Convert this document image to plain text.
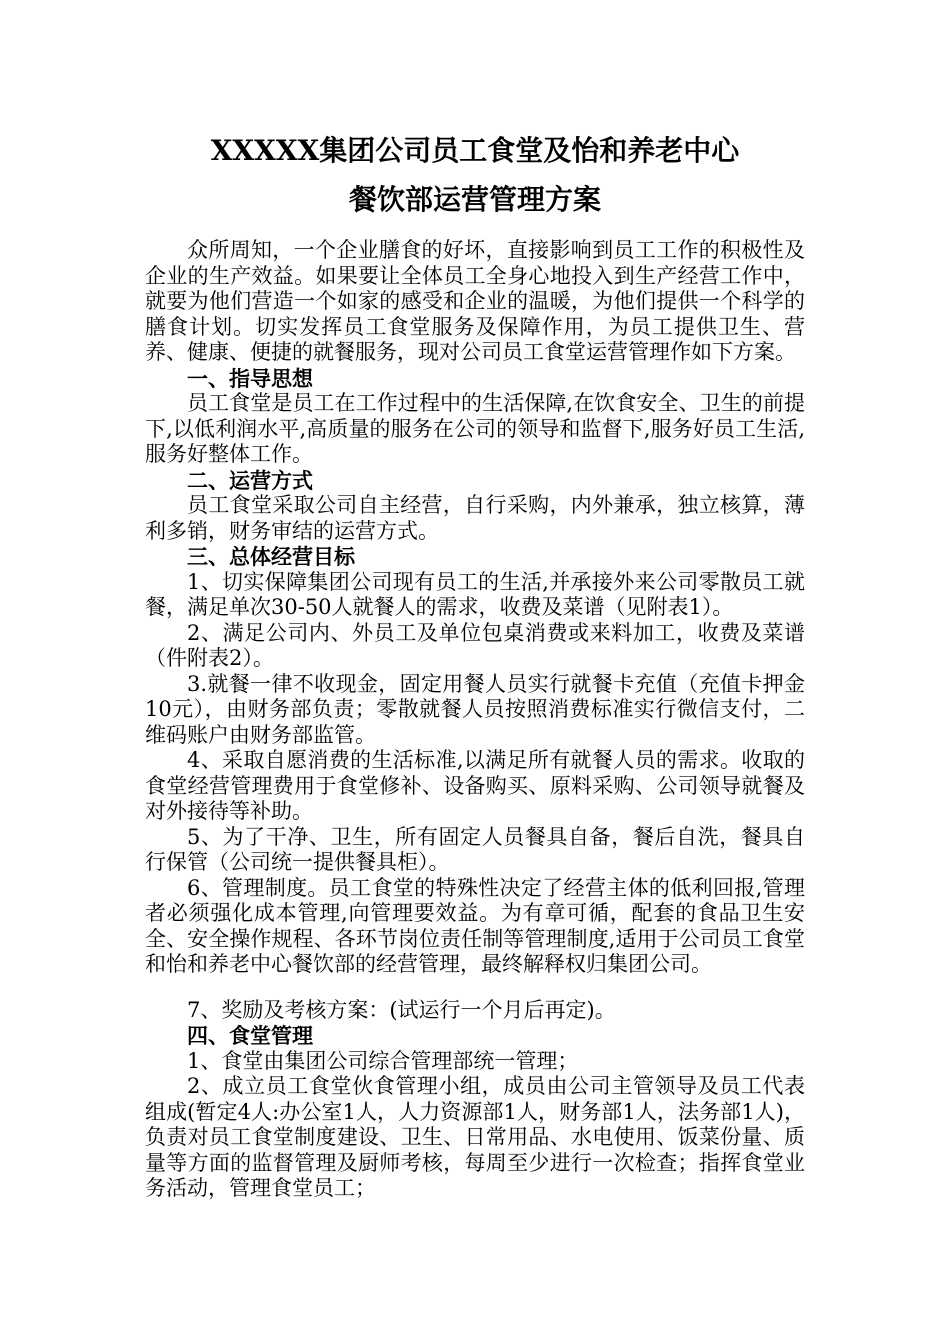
XXXXX集团公司员工食堂及怡和养老中心
餐饮部运营管理方案

众所周知，一个企业膳食的好坏，直接影响到员工工作的积极性及企业的生产效益。如果要让全体员工全身心地投入到生产经营工作中，就要为他们营造一个如家的感受和企业的温暖，为他们提供一个科学的膳食计划。切实发挥员工食堂服务及保障作用，为员工提供卫生、营养、健康、便捷的就餐服务，现对公司员工食堂运营管理作如下方案。

一、指导思想

员工食堂是员工在工作过程中的生活保障,在饮食安全、卫生的前提下,以低利润水平,高质量的服务在公司的领导和监督下,服务好员工生活,服务好整体工作。

二、运营方式

员工食堂采取公司自主经营，自行采购，内外兼承，独立核算，薄利多销，财务审结的运营方式。

三、总体经营目标

1、切实保障集团公司现有员工的生活,并承接外来公司零散员工就餐，满足单次30-50人就餐人的需求，收费及菜谱（见附表1）。

2、满足公司内、外员工及单位包桌消费或来料加工，收费及菜谱（件附表2）。

3.就餐一律不收现金，固定用餐人员实行就餐卡充值（充值卡押金10元），由财务部负责；零散就餐人员按照消费标准实行微信支付，二维码账户由财务部监管。

4、采取自愿消费的生活标准,以满足所有就餐人员的需求。收取的食堂经营管理费用于食堂修补、设备购买、原料采购、公司领导就餐及对外接待等补助。

5、为了干净、卫生，所有固定人员餐具自备，餐后自洗，餐具自行保管（公司统一提供餐具柜）。

6、管理制度。员工食堂的特殊性决定了经营主体的低利回报,管理者必须强化成本管理,向管理要效益。为有章可循，配套的食品卫生安全、安全操作规程、各环节岗位责任制等管理制度,适用于公司员工食堂和怡和养老中心餐饮部的经营管理，最终解释权归集团公司。

7、奖励及考核方案：(试运行一个月后再定)。

四、食堂管理

1、食堂由集团公司综合管理部统一管理；

2、成立员工食堂伙食管理小组，成员由公司主管领导及员工代表组成(暂定4人:办公室1人，人力资源部1人，财务部1人，法务部1人)，负责对员工食堂制度建设、卫生、日常用品、水电使用、饭菜份量、质量等方面的监督管理及厨师考核，每周至少进行一次检查；指挥食堂业务活动，管理食堂员工；
